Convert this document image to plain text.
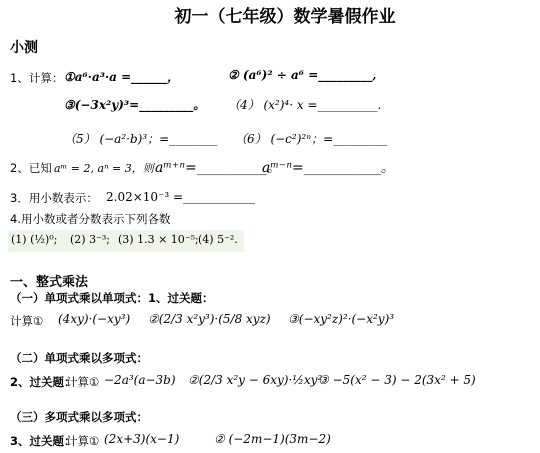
初一（七年级）数学暑假作业
小测
1、计算： ①a⁶·a³·a =______，	② (a⁶)² ÷ a⁶ =_________,
③(−3x²y)³=_________。 （4） (x²)⁴· x =__________.
（5） (−a²·b)³；=________ （6） (−c²)²ⁿ；=_________
2、已知 aᵐ = 2, aⁿ = 3，则 aᵐ⁺ⁿ=__________。
aᵐ⁻ⁿ=___________。
3．用小数表示： 2.02×10⁻³ =____________
4.用小数或者分数表示下列各数
(1) (½)⁰; (2) 3⁻³; (3) 1.3 × 10⁻⁵; (4) 5⁻².
一、整式乘法
（一）单项式乘以单项式：1、过关题：
计算① (4xy)·(−xy³) ②(2/3 x²y³)·(5/8 xyz) ③(−xy²z)²·(−x²y)³
（二）单项式乘以多项式：
2、过关题：
计算① −2a³(a−3b) ②(2/3 x²y − 6xy)·½xy²
③ −5(x² − 3) − 2(3x² + 5)
（三）多项式乘以多项式：
3、过关题：
计算① (2x+3)(x−1)	② (−2m−1)(3m−2)
